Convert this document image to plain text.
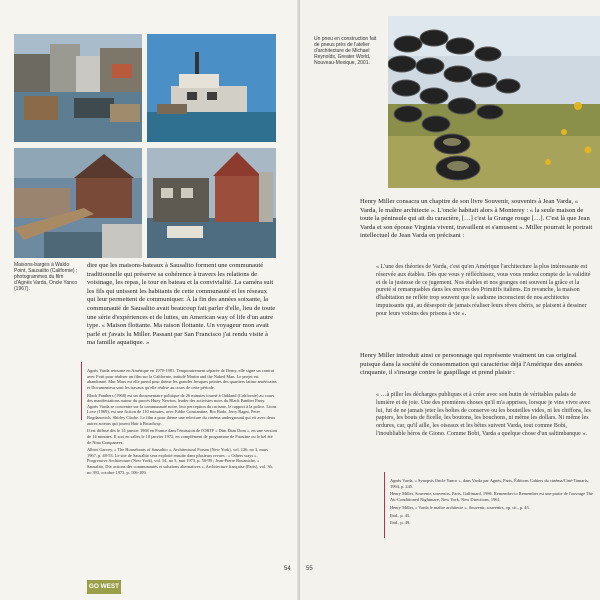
Maisons-barges à Waldo Point, Sausalito (Californie) ; photogrammes du film d'Agnès Varda, Oncle Yanco (1967).

dire que les maisons-bateaux à Sausalito forment une communauté traditionnelle qui préserve sa cohérence à travers les relations de voisinage, les repas, le tour en bateau et la convivialité. La caméra suit les fils qui unissent les habitants de cette communauté et les réseaux qui leur permettent de communiquer. À la fin des années soixante, la communauté de Sausalito avait beaucoup fait parler d'elle, lieu de toute une série d'expériences et de luttes, un American way of life d'un autre type. « Maison flottante. Ma raison flottante. Un voyageur mon avait parlé et j'avais lu Miller. Passant par San Francisco j'ai rendu visite à ma famille aquatique. »

Agnès Varda retourne en Amérique en 1970-1981. Temporairement séparée de Demy, elle signe un contrat avec Fotti pour réaliser un film sur la Californie, intitulé Martin and the Naked Man. Le projet est abandonné. Mur Murs est elle prend pour thème les grandes fresques peintes des quartiers latino-américains et Documenteur sont les travaux qu'elle réalise au cours de cette période.

Black Panthers (1968) est un documentaire politique de 26 minutes tourné à Oakland (Californie) au cours des manifestations autour du procès Huey Newton, leader des activistes noirs du Black Panther Party. Agnès Varda se concentre sur la communauté noire, leur perception du racisme, le rapport à la police. Lions Love (1969), est une fiction de 110 minutes, avec Eddie Constantine, Rio Rado, Jerry Ragni, Peter Bogdanovich, Shirley Clarke. Le film a pour thème une relecture du cinéma underground qui vit avec deux autres acteurs qui jouent Hair à Broadway.

Il est diffusé dès le 14 janvier 1968 en France dans l'émission de l'ORTF « Dim Dam Dom », en une version de 14 minutes. Il sort en salles le 18 janvier 1972, en complément de programme de Faustine ou le bel été de Nina Companeez.

Albert Garvey, « The Houseboats of Sausalito », Architectural Forum (New York), vol. 126, no 3, mars 1967, p. 48-53. Le site de Sausalito sera exploité ensuite dans plusieurs revues : « Others ways », Progressive Architecture (New York), vol. 54, no 5, mai 1973, p. 50-99 ; Jean-Pierre Bouaniche, « Sausalito, Dix actions des communautés et solutions alternatives », Architecture française (Paris), vol. 36, no 393, octobre 1975, p. 106-109.

54
GO WEST
Un pneu en construction fait de pneus près de l'atelier d'architecture de Michael Reynolds, Greater World, Nouveau-Mexique, 2001.

Henry Miller consacra un chapitre de son livre Souvenir, souvenirs à Jean Varda, « Varda, le maître architecte ». L'oncle habitait alors à Monterey : « la seule maison de toute la péninsule qui ait du caractère, […] c'est la Grange rouge […]. C'est là que Jean Varda et son épouse Virginia vivent, travaillent et s'amusent ». Miller pourrait le portrait intellectuel de Jean Varda en précisant :

« L'une des théories de Varda, c'est qu'en Amérique l'architecture la plus intéressante est réservée aux étables. Dès que vous y réfléchissez, vous vous rendez compte de la validité et de la justesse de ce jugement. Nos étables et nos granges ont souvent la grâce et la pureté si remarquables dans les œuvres des Primitifs italiens. En revanche, la maison d'habitation ne reflète trop souvent que le sadisme inconscient de nos architectes impuissants qui, au désespoir de jamais réaliser leurs rêves chéris, se plaisent à dessiner pour leurs voisins des prisons à vie ».

Henry Miller introduit ainsi ce personnage qui représente vraiment un cas original puisque dans la société de consommation qui caractérise déjà l'Amérique des années cinquante, il s'insurge contre le gaspillage et prend plaisir :

« …à piller les décharges publiques et à créer avec son butin de véritables palais de lumière et de joie. Une des premières choses qu'il m'a apprises, lorsque je vins vivre avec lui, fut de ne jamais jeter les boîtes de conserve ou les bouteilles vides, ni les chiffons, les papiers, les bouts de ficelle, les boutons, les bouchons, ni même les dollars. Ni même les ordures, car, qu'il aille, les oiseaux et les bêtes suivent Varda, tout comme Bobi, l'inoubliable héros de Giono. Comme Bobi, Varda a quelque chose d'un saltimbanque ».

Agnès Varda, « Synopsis Oncle Yanco », dans Varda par Agnès, Paris, Éditions Cahiers du cinéma/Ciné-Tamaris, 1994, p. 245.

Henry Miller, Souvenir, souvenirs, Paris, Gallimard, 1986. Remember to Remember est une partie de l'ouvrage The Air-Conditioned Nightmare, New York, New Directions, 1961.

Henry Miller, « Varda le maître architecte », Souvenir, souvenirs, op. cit., p. 45.

Ibid., p. 45.

Ibid., p. 49.

55
